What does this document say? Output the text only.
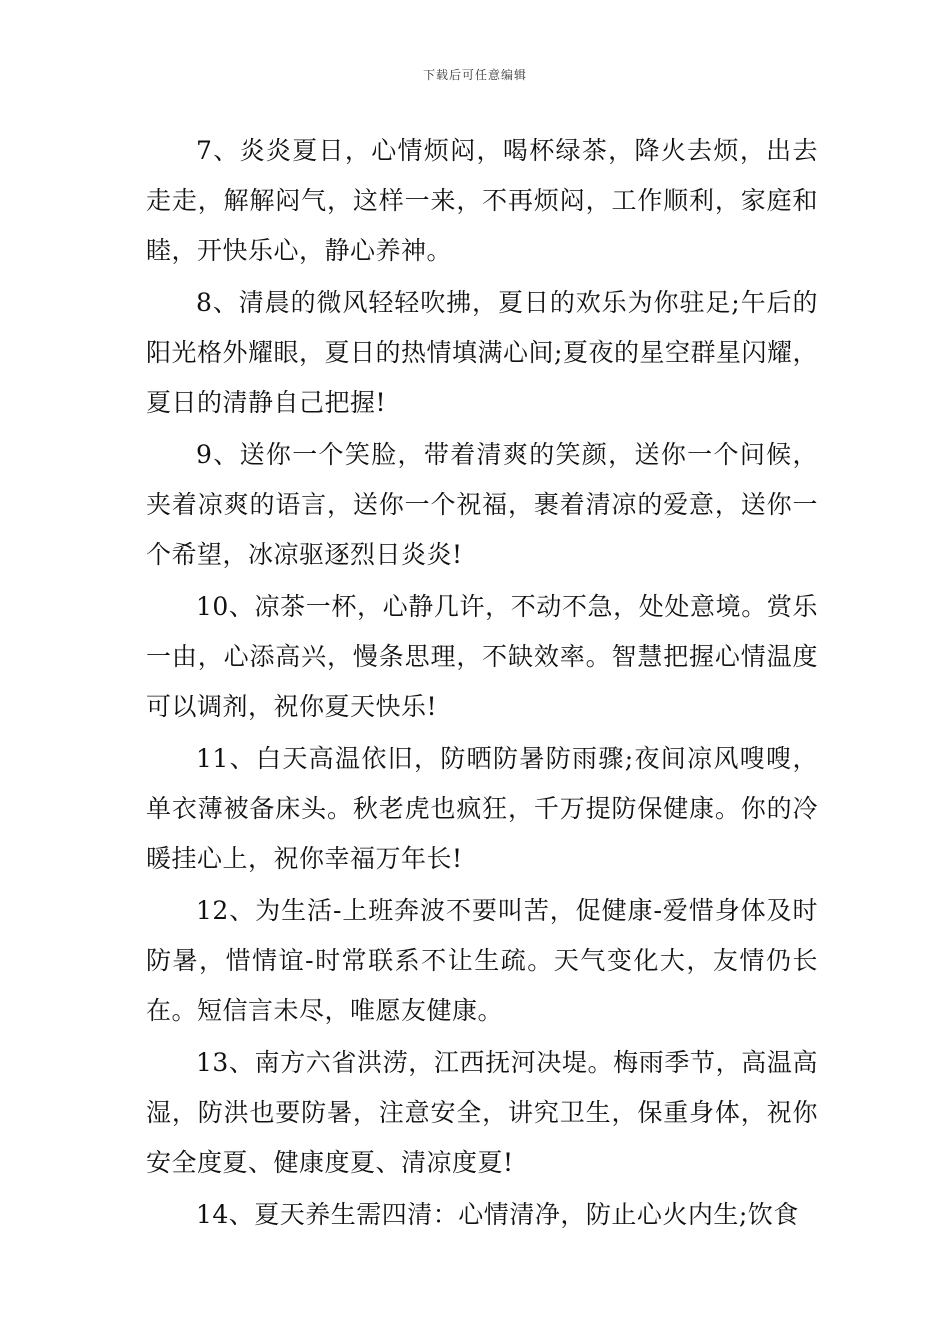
下载后可任意编辑

7、炎炎夏日，心情烦闷，喝杯绿茶，降火去烦，出去走走，解解闷气，这样一来，不再烦闷，工作顺利，家庭和睦，开快乐心，静心养神。

8、清晨的微风轻轻吹拂，夏日的欢乐为你驻足;午后的阳光格外耀眼，夏日的热情填满心间;夏夜的星空群星闪耀，夏日的清静自己把握!

9、送你一个笑脸，带着清爽的笑颜，送你一个问候，夹着凉爽的语言，送你一个祝福，裹着清凉的爱意，送你一个希望，冰凉驱逐烈日炎炎!

10、凉茶一杯，心静几许，不动不急，处处意境。赏乐一由，心添高兴，慢条思理，不缺效率。智慧把握心情温度可以调剂，祝你夏天快乐!

11、白天高温依旧，防晒防暑防雨骤;夜间凉风嗖嗖，单衣薄被备床头。秋老虎也疯狂，千万提防保健康。你的冷暖挂心上，祝你幸福万年长!

12、为生活-上班奔波不要叫苦，促健康-爱惜身体及时防暑，惜情谊-时常联系不让生疏。天气变化大，友情仍长在。短信言未尽，唯愿友健康。

13、南方六省洪涝，江西抚河决堤。梅雨季节，高温高湿，防洪也要防暑，注意安全，讲究卫生，保重身体，祝你安全度夏、健康度夏、清凉度夏!

14、夏天养生需四清：心情清净，防止心火内生;饮食
